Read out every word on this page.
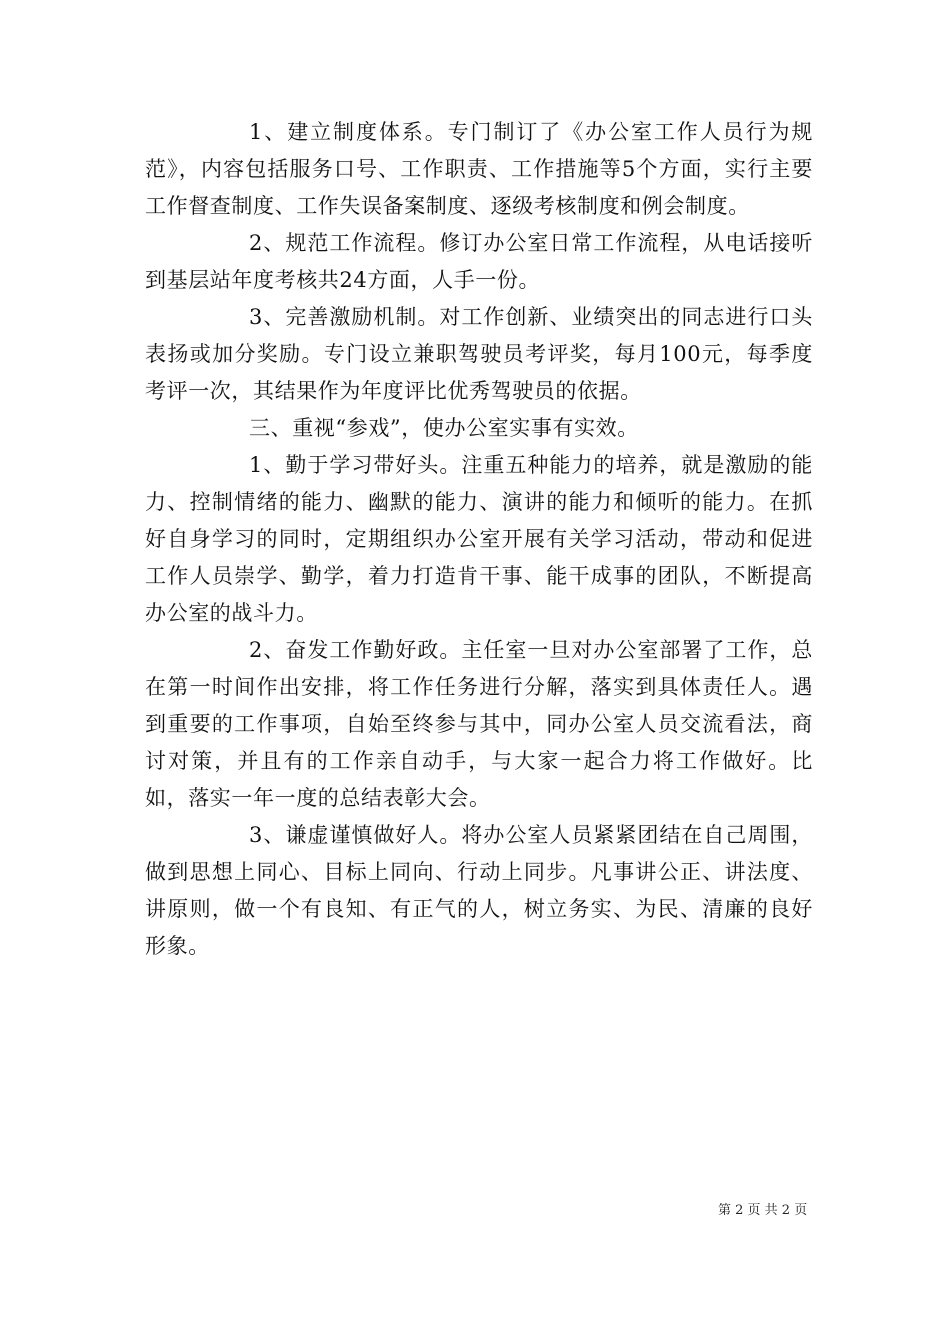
1、建立制度体系。专门制订了《办公室工作人员行为规范》，内容包括服务口号、工作职责、工作措施等5个方面，实行主要工作督查制度、工作失误备案制度、逐级考核制度和例会制度。

2、规范工作流程。修订办公室日常工作流程，从电话接听到基层站年度考核共24方面，人手一份。

3、完善激励机制。对工作创新、业绩突出的同志进行口头表扬或加分奖励。专门设立兼职驾驶员考评奖，每月100元，每季度考评一次，其结果作为年度评比优秀驾驶员的依据。

三、重视“参戏”，使办公室实事有实效。

1、勤于学习带好头。注重五种能力的培养，就是激励的能力、控制情绪的能力、幽默的能力、演讲的能力和倾听的能力。在抓好自身学习的同时，定期组织办公室开展有关学习活动，带动和促进工作人员崇学、勤学，着力打造肯干事、能干成事的团队，不断提高办公室的战斗力。

2、奋发工作勤好政。主任室一旦对办公室部署了工作，总在第一时间作出安排，将工作任务进行分解，落实到具体责任人。遇到重要的工作事项，自始至终参与其中，同办公室人员交流看法，商讨对策，并且有的工作亲自动手，与大家一起合力将工作做好。比如，落实一年一度的总结表彰大会。

3、谦虚谨慎做好人。将办公室人员紧紧团结在自己周围，做到思想上同心、目标上同向、行动上同步。凡事讲公正、讲法度、讲原则，做一个有良知、有正气的人，树立务实、为民、清廉的良好形象。

第 2 页 共 2 页
